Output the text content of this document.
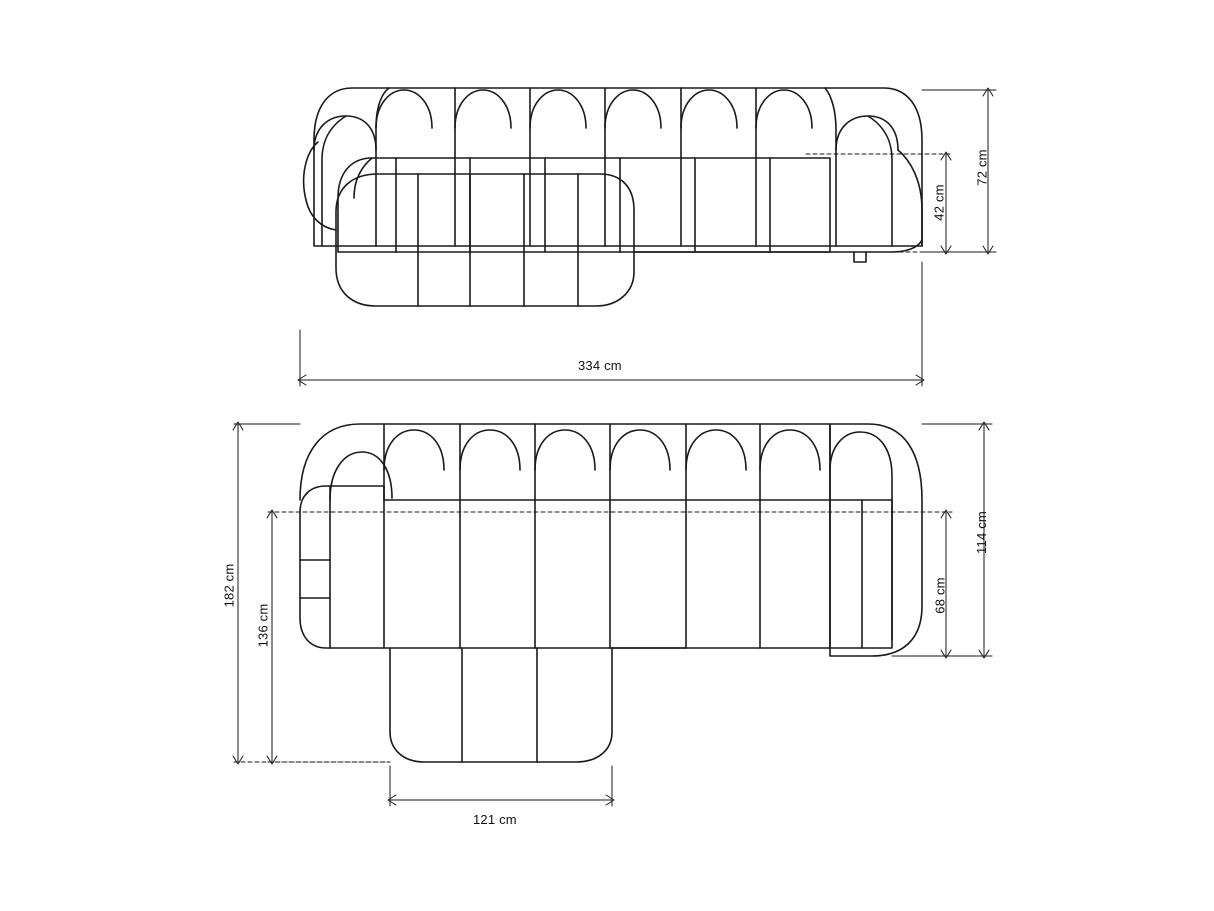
72 cm
42 cm
334 cm
182 cm
136 cm
114 cm
68 cm
121 cm
